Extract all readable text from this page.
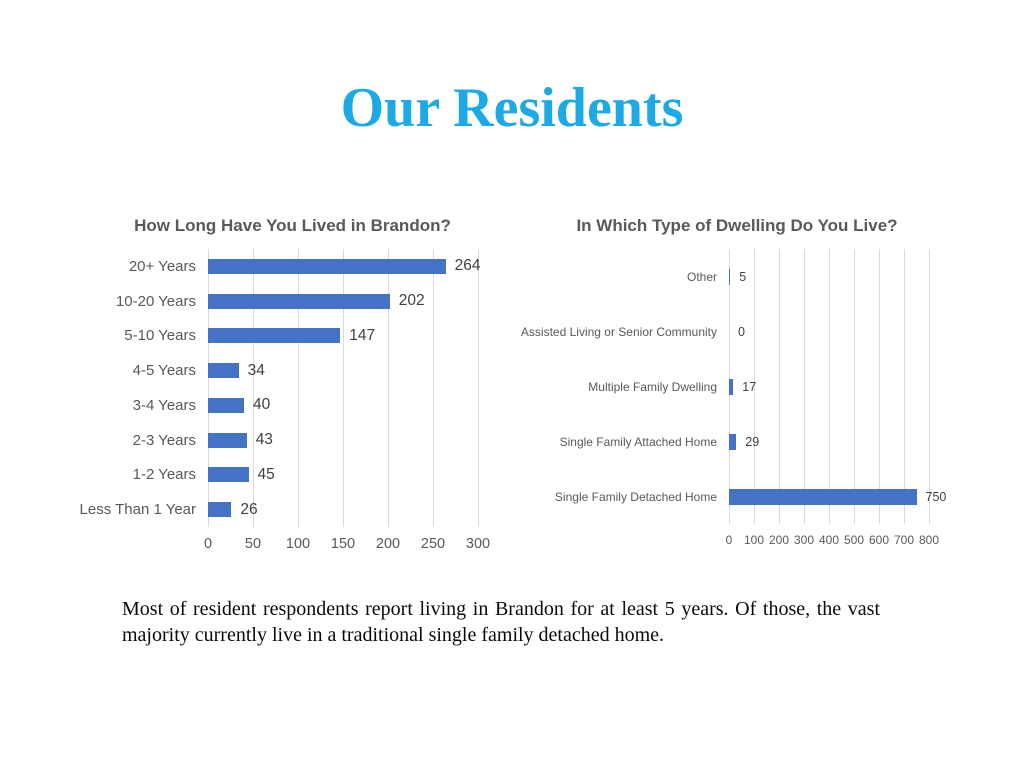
Our Residents
How Long Have You Lived in Brandon?
20+ Years
10-20 Years
5-10 Years
4-5 Years
3-4 Years
2-3 Years
1-2 Years
Less Than 1 Year
264
202
147
34
40
43
45
26
0 50 100 150 200 250 300
In Which Type of Dwelling Do You Live?
Other
Assisted Living or Senior Community
Multiple Family Dwelling
Single Family Attached Home
Single Family Detached Home
5
0
17
29
750
0 100 200 300 400 500 600 700 800

Most of resident respondents report living in Brandon for at least 5 years. Of those, the vast majority currently live in a traditional single family detached home.
